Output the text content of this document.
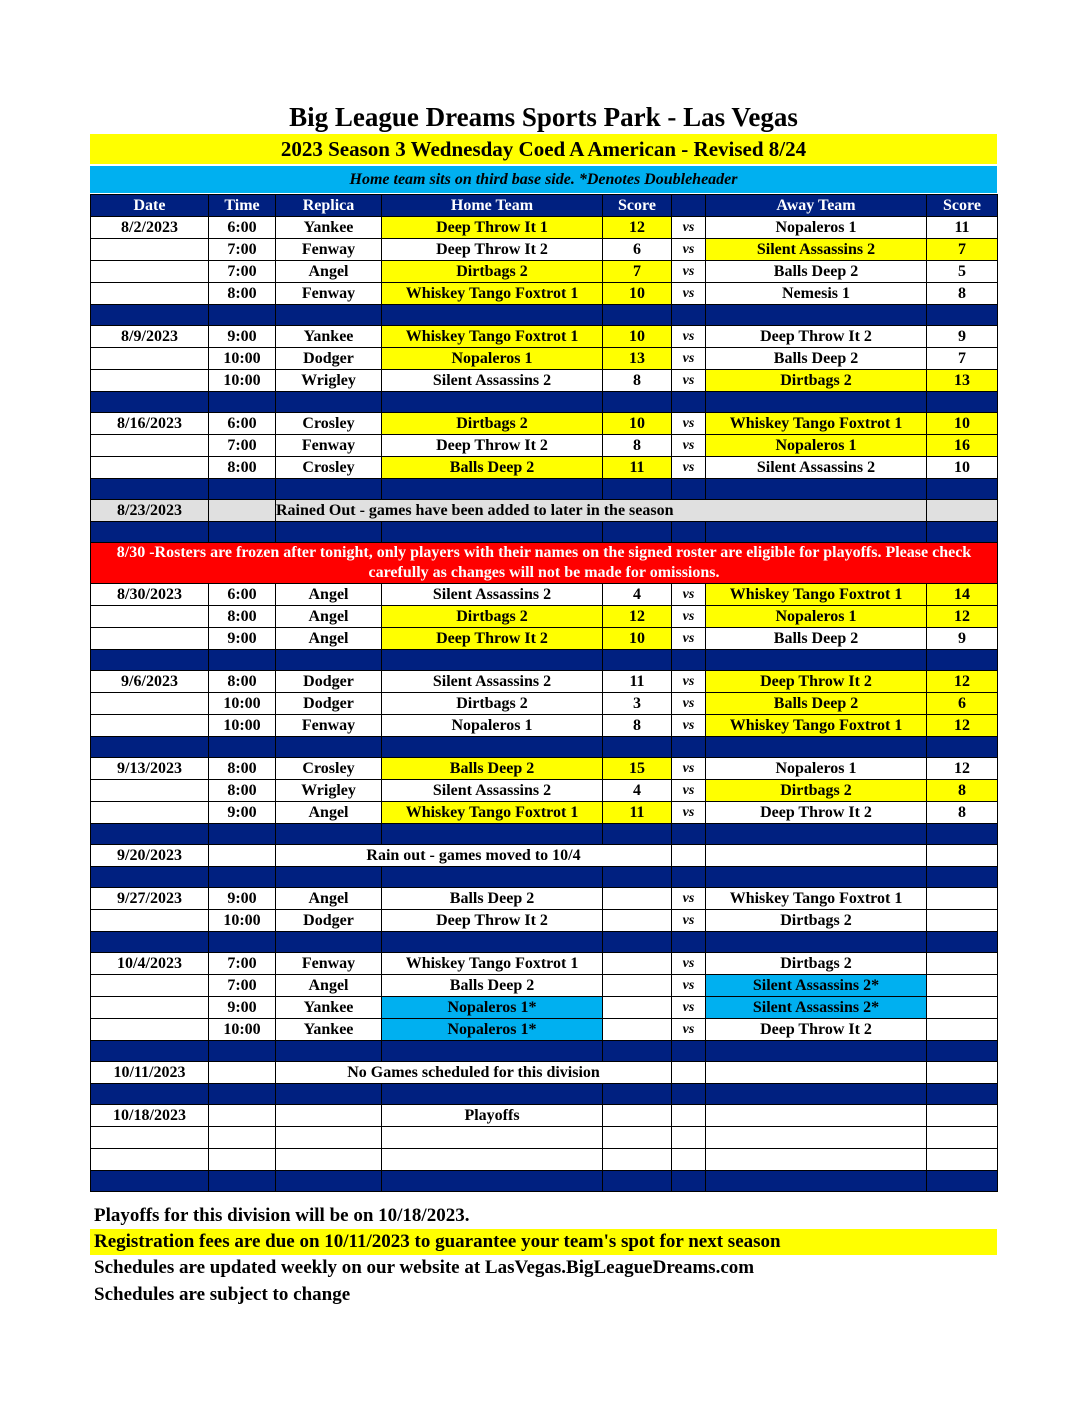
Big League Dreams Sports Park - Las Vegas
2023 Season 3 Wednesday Coed A American - Revised 8/24
Home team sits on third base side. *Denotes Doubleheader
Date	Time	Replica	Home Team	Score		Away Team	Score
8/2/2023	6:00	Yankee	Deep Throw It 1	12	vs	Nopaleros 1	11
	7:00	Fenway	Deep Throw It 2	6	vs	Silent Assassins 2	7
	7:00	Angel	Dirtbags 2	7	vs	Balls Deep 2	5
	8:00	Fenway	Whiskey Tango Foxtrot 1	10	vs	Nemesis 1	8

8/9/2023	9:00	Yankee	Whiskey Tango Foxtrot 1	10	vs	Deep Throw It 2	9
	10:00	Dodger	Nopaleros 1	13	vs	Balls Deep 2	7
	10:00	Wrigley	Silent Assassins 2	8	vs	Dirtbags 2	13

8/16/2023	6:00	Crosley	Dirtbags 2	10	vs	Whiskey Tango Foxtrot 1	10
	7:00	Fenway	Deep Throw It 2	8	vs	Nopaleros 1	16
	8:00	Crosley	Balls Deep 2	11	vs	Silent Assassins 2	10

8/23/2023		Rained Out - games have been added to later in the season					

8/30 -Rosters are frozen after tonight, only players with their names on the signed roster are eligible for playoffs. Please check carefully as changes will not be made for omissions.							
8/30/2023	6:00	Angel	Silent Assassins 2	4	vs	Whiskey Tango Foxtrot 1	14
	8:00	Angel	Dirtbags 2	12	vs	Nopaleros 1	12
	9:00	Angel	Deep Throw It 2	10	vs	Balls Deep 2	9

9/6/2023	8:00	Dodger	Silent Assassins 2	11	vs	Deep Throw It 2	12
	10:00	Dodger	Dirtbags 2	3	vs	Balls Deep 2	6
	10:00	Fenway	Nopaleros 1	8	vs	Whiskey Tango Foxtrot 1	12

9/13/2023	8:00	Crosley	Balls Deep 2	15	vs	Nopaleros 1	12
	8:00	Wrigley	Silent Assassins 2	4	vs	Dirtbags 2	8
	9:00	Angel	Whiskey Tango Foxtrot 1	11	vs	Deep Throw It 2	8

9/20/2023		Rain out - games moved to 10/4					

9/27/2023	9:00	Angel	Balls Deep 2		vs	Whiskey Tango Foxtrot 1	
	10:00	Dodger	Deep Throw It 2		vs	Dirtbags 2	

10/4/2023	7:00	Fenway	Whiskey Tango Foxtrot 1		vs	Dirtbags 2	
	7:00	Angel	Balls Deep 2		vs	Silent Assassins 2*	
	9:00	Yankee	Nopaleros 1*		vs	Silent Assassins 2*	
	10:00	Yankee	Nopaleros 1*		vs	Deep Throw It 2	

10/11/2023		No Games scheduled for this division					

10/18/2023			Playoffs				

Playoffs for this division will be on 10/18/2023.
Registration fees are due on 10/11/2023 to guarantee your team's spot for next season
Schedules are updated weekly on our website at LasVegas.BigLeagueDreams.com
Schedules are subject to change
